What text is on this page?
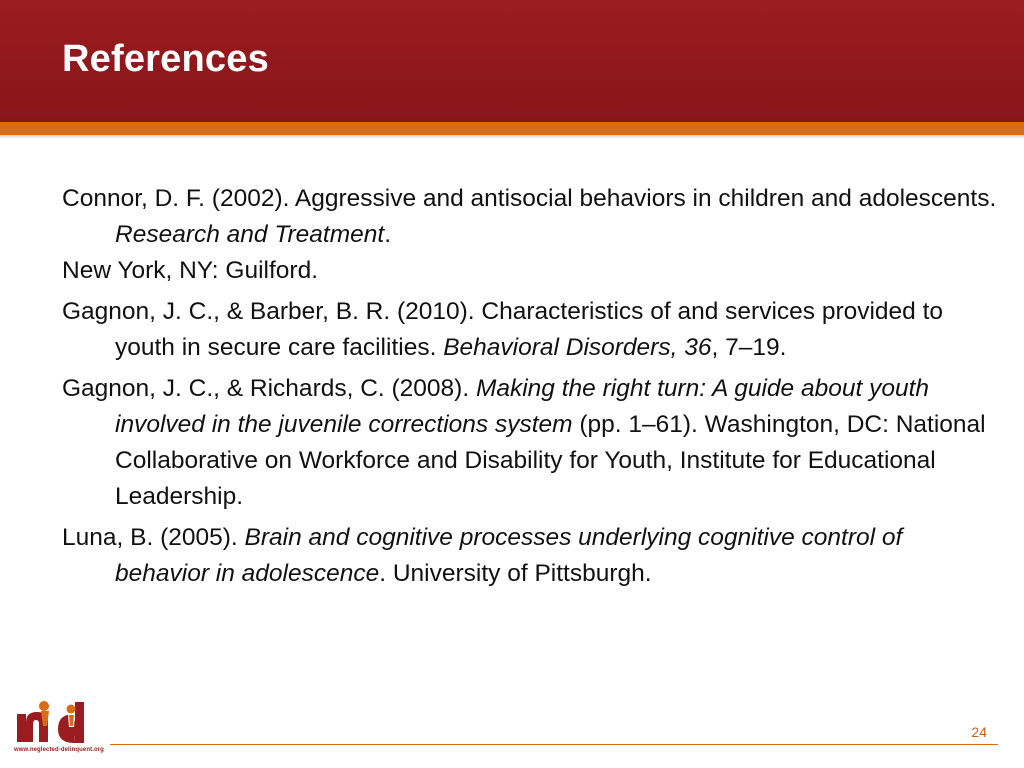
References

Connor, D. F. (2002). Aggressive and antisocial behaviors in children and adolescents. Research and Treatment.
New York, NY: Guilford.

Gagnon, J. C., & Barber, B. R. (2010). Characteristics of and services provided to youth in secure care facilities. Behavioral Disorders, 36, 7–19.

Gagnon, J. C., & Richards, C. (2008). Making the right turn: A guide about youth involved in the juvenile corrections system (pp. 1–61). Washington, DC: National Collaborative on Workforce and Disability for Youth, Institute for Educational Leadership.

Luna, B. (2005). Brain and cognitive processes underlying cognitive control of behavior in adolescence. University of Pittsburgh.

www.neglected-delinquent.org
24
